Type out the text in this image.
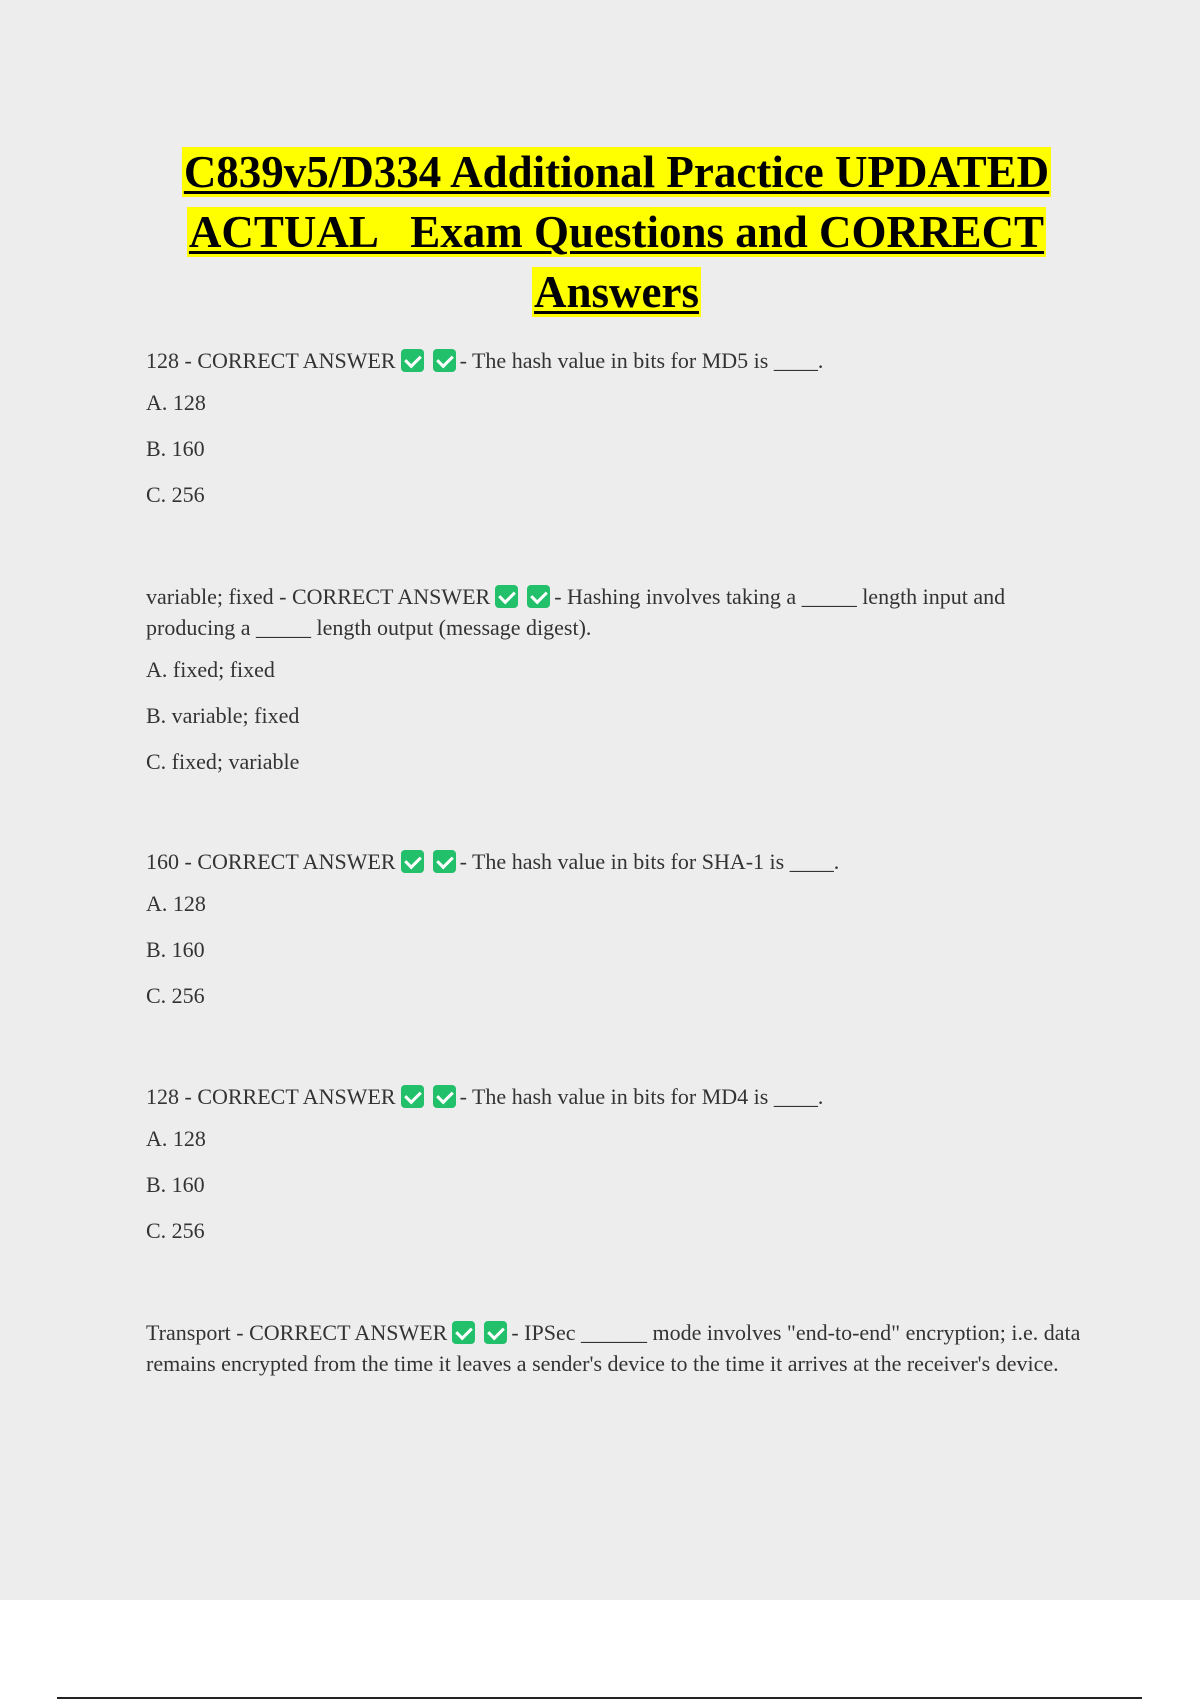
C839v5/D334 Additional Practice UPDATED
ACTUAL   Exam Questions and CORRECT
Answers
128 - CORRECT ANSWER	- The hash value in bits for MD5 is ____.
A. 128
B. 160
C. 256
variable; fixed - CORRECT ANSWER	- Hashing involves taking a _____ length input and producing a _____ length output (message digest).
A. fixed; fixed
B. variable; fixed
C. fixed; variable
160 - CORRECT ANSWER	- The hash value in bits for SHA-1 is ____.
A. 128
B. 160
C. 256
128 - CORRECT ANSWER	- The hash value in bits for MD4 is ____.
A. 128
B. 160
C. 256
Transport - CORRECT ANSWER	- IPSec ______ mode involves "end-to-end" encryption; i.e. data remains encrypted from the time it leaves a sender's device to the time it arrives at the receiver's device.
